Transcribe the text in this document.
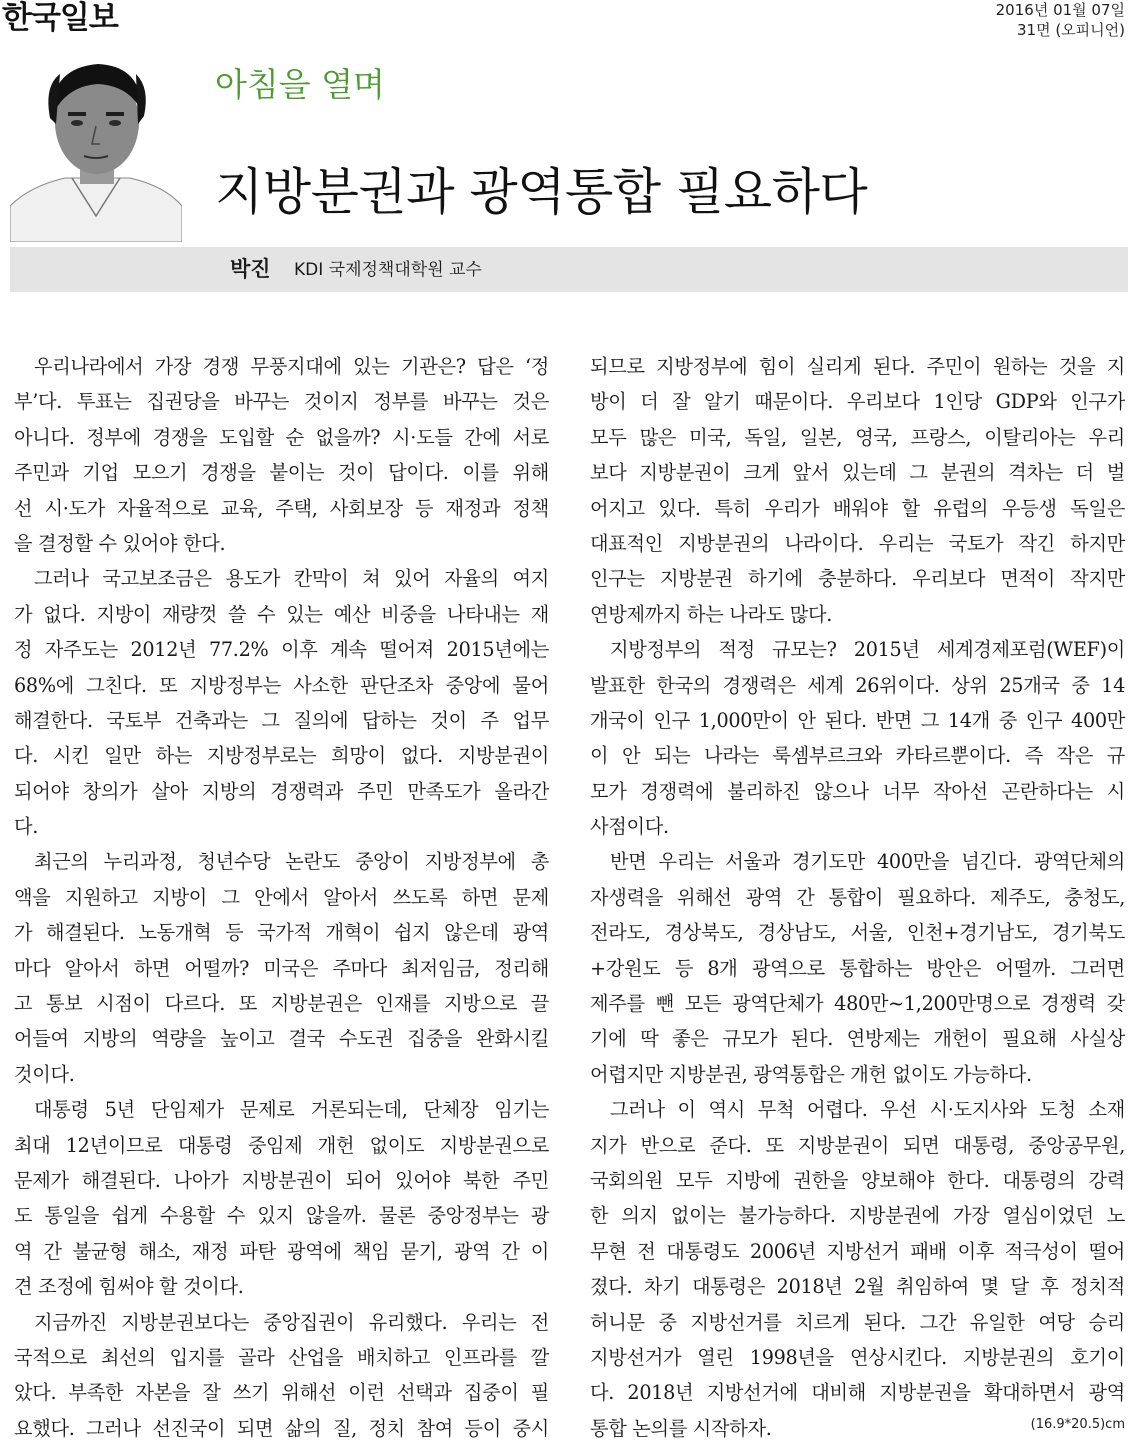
한국일보	2016년 01월 07일
31면 (오피니언)
아침을 열며
지방분권과 광역통합 필요하다
박진 KDI 국제정책대학원 교수
우리나라에서 가장 경쟁 무풍지대에 있는 기관은? 답은 ‘정
부’다. 투표는 집권당을 바꾸는 것이지 정부를 바꾸는 것은
아니다. 정부에 경쟁을 도입할 순 없을까? 시·도들 간에 서로
주민과 기업 모으기 경쟁을 붙이는 것이 답이다. 이를 위해
선 시·도가 자율적으로 교육, 주택, 사회보장 등 재정과 정책
을 결정할 수 있어야 한다.
그러나 국고보조금은 용도가 칸막이 쳐 있어 자율의 여지
가 없다. 지방이 재량껏 쓸 수 있는 예산 비중을 나타내는 재
정 자주도는 2012년 77.2% 이후 계속 떨어져 2015년에는
68%에 그친다. 또 지방정부는 사소한 판단조차 중앙에 물어
해결한다. 국토부 건축과는 그 질의에 답하는 것이 주 업무
다. 시킨 일만 하는 지방정부로는 희망이 없다. 지방분권이
되어야 창의가 살아 지방의 경쟁력과 주민 만족도가 올라간
다.
최근의 누리과정, 청년수당 논란도 중앙이 지방정부에 총
액을 지원하고 지방이 그 안에서 알아서 쓰도록 하면 문제
가 해결된다. 노동개혁 등 국가적 개혁이 쉽지 않은데 광역
마다 알아서 하면 어떨까? 미국은 주마다 최저임금, 정리해
고 통보 시점이 다르다. 또 지방분권은 인재를 지방으로 끌
어들여 지방의 역량을 높이고 결국 수도권 집중을 완화시킬
것이다.
대통령 5년 단임제가 문제로 거론되는데, 단체장 임기는
최대 12년이므로 대통령 중임제 개헌 없이도 지방분권으로
문제가 해결된다. 나아가 지방분권이 되어 있어야 북한 주민
도 통일을 쉽게 수용할 수 있지 않을까. 물론 중앙정부는 광
역 간 불균형 해소, 재정 파탄 광역에 책임 묻기, 광역 간 이
견 조정에 힘써야 할 것이다.
지금까진 지방분권보다는 중앙집권이 유리했다. 우리는 전
국적으로 최선의 입지를 골라 산업을 배치하고 인프라를 깔
았다. 부족한 자본을 잘 쓰기 위해선 이런 선택과 집중이 필
요했다. 그러나 선진국이 되면 삶의 질, 정치 참여 등이 중시
되므로 지방정부에 힘이 실리게 된다. 주민이 원하는 것을 지
방이 더 잘 알기 때문이다. 우리보다 1인당 GDP와 인구가
모두 많은 미국, 독일, 일본, 영국, 프랑스, 이탈리아는 우리
보다 지방분권이 크게 앞서 있는데 그 분권의 격차는 더 벌
어지고 있다. 특히 우리가 배워야 할 유럽의 우등생 독일은
대표적인 지방분권의 나라이다. 우리는 국토가 작긴 하지만
인구는 지방분권 하기에 충분하다. 우리보다 면적이 작지만
연방제까지 하는 나라도 많다.
지방정부의 적정 규모는? 2015년 세계경제포럼(WEF)이
발표한 한국의 경쟁력은 세계 26위이다. 상위 25개국 중 14
개국이 인구 1,000만이 안 된다. 반면 그 14개 중 인구 400만
이 안 되는 나라는 룩셈부르크와 카타르뿐이다. 즉 작은 규
모가 경쟁력에 불리하진 않으나 너무 작아선 곤란하다는 시
사점이다.
반면 우리는 서울과 경기도만 400만을 넘긴다. 광역단체의
자생력을 위해선 광역 간 통합이 필요하다. 제주도, 충청도,
전라도, 경상북도, 경상남도, 서울, 인천+경기남도, 경기북도
+강원도 등 8개 광역으로 통합하는 방안은 어떨까. 그러면
제주를 뺀 모든 광역단체가 480만~1,200만명으로 경쟁력 갖
기에 딱 좋은 규모가 된다. 연방제는 개헌이 필요해 사실상
어렵지만 지방분권, 광역통합은 개헌 없이도 가능하다.
그러나 이 역시 무척 어렵다. 우선 시·도지사와 도청 소재
지가 반으로 준다. 또 지방분권이 되면 대통령, 중앙공무원,
국회의원 모두 지방에 권한을 양보해야 한다. 대통령의 강력
한 의지 없이는 불가능하다. 지방분권에 가장 열심이었던 노
무현 전 대통령도 2006년 지방선거 패배 이후 적극성이 떨어
졌다. 차기 대통령은 2018년 2월 취임하여 몇 달 후 정치적
허니문 중 지방선거를 치르게 된다. 그간 유일한 여당 승리
지방선거가 열린 1998년을 연상시킨다. 지방분권의 호기이
다. 2018년 지방선거에 대비해 지방분권을 확대하면서 광역
통합 논의를 시작하자.	(16.9*20.5)cm
